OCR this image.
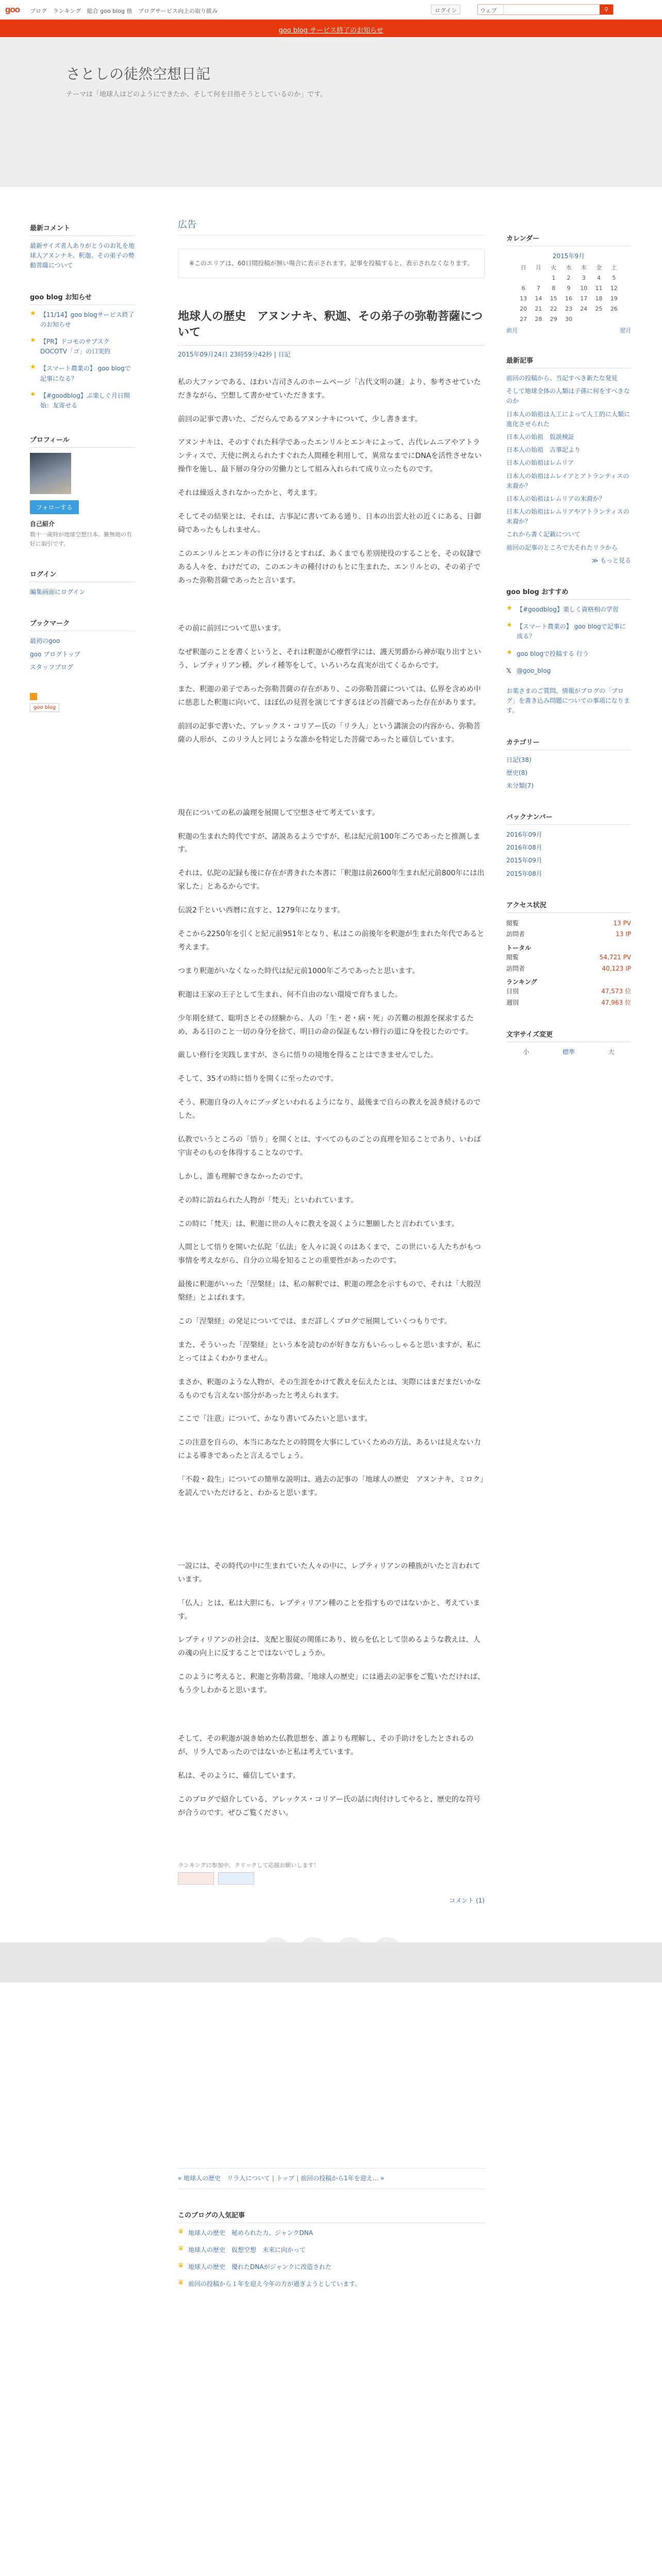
goo ブログ ランキング 総合 goo blog 他 ブログサービス向上の取り組み	ログイン	ウェブ	⚲
goo blog サービス終了のお知らせ
さとしの徒然空想日記
テーマは「地球人はどのようにできたか、そして何を目指そうとしているのか」です。
最新コメント
最新サイズ者人ありがとうのお礼を地球人アヌンナキ、釈迦、その弟子の勢動菩薩について
goo blog お知らせ
★ 【11/14】goo blogサービス終了のお知らせ
★ 【PR】ドコモのサブスクDOCOTV「ゴ」の口実約
★ 【スマート農業の】 goo blogで記事になる？
★ 【#goodblog】ぷ楽しぐ月日開始：友寄せる
プロフィール
フォローする
自己紹介
数十一歳時が地球空想日本。雑無地の有好に取引です。
ログイン
編集画面にログイン
ブックマーク
最初のgoo
goo ブログトップ
スタッフブログ
goo blog
広告
※このエリアは、60日間投稿が無い場合に表示されます。記事を投稿すると、表示されなくなります。
地球人の歴史　アヌンナキ、釈迦、その弟子の弥勒菩薩について
2015年09月24日 23時59分42秒 | 日記

私の大ファンである、ほわい吉司さんのホームページ「古代文明の謎」より、参考させていただきながら、空想して書かせていただきます。

前回の記事で書いた、ごだらんであるアヌンナキについて、少し書きます。

アヌンナキは、そのすぐれた科学であったエンリルとエンキによって、古代レムニアやアトランティスで、天使に例えられたすぐれた人間種を利用して、異常なまでにDNAを活性させない操作を施し、最下層の身分の労働力として組み入れられて成り立ったものです。

それは繰返えされなかったかと、考えます。

そしてその結果とは、それは、古事記に書いてある通り、日本の出雲大社の近くにある、日御碕であったもしれません。

このエンリルとエンキの作に分けるとすれば、あくまでも差別使役のすることを、その奴隷である人々を、わけだての、このエンキの種付けのもとに生まれた、エンリルとの、その弟子であった弥勒菩薩であったと言います。

その前に前回について思います。

なぜ釈迦のことを書くというと、それは釈迦が心療哲学には、護天男爵から神が取り出すという、レプティリアン種、グレイ種等をして、いろいろな真実が出てくるからです。

また、釈迦の弟子であった弥勒菩薩の存在があり、この弥勒菩薩については、仏界を含めめ中に慈悲した釈迦に向いて、ほぼ仏の見習を演じてすぎるほどの菩薩であった存在があります。

前回の記事で書いた、アレックス・コリアー氏の「リラ人」という講演会の内容から、弥勒菩薩の人形が、このリラ人と同じような誰かを特定した菩薩であったと確信しています。

現在についての私の論理を展開して空想させて考えています。

釈迦の生まれた時代ですが、諸説あるようですが、私は紀元前100年ごろであったと推測します。

それは、仏陀の記録も後に存在が書きれた本書に「釈迦は前2600年生まれ紀元前800年には出家した」とあるからです。

伝説2千といい西暦に直すと、1279年になります。

そこから2250年を引くと紀元前951年となり、私はこの前後年を釈迦が生まれた年代であると考えます。

つまり釈迦がいなくなった時代は紀元前1000年ごろであったと思います。

釈迦は王家の王子として生まれ、何不自由のない環境で育ちました。

少年期を経て、聡明さとその経験から、人の「生・老・病・死」の苦難の根源を探求するため、ある日のこと一切の身分を捨て、明日の命の保証もない修行の道に身を投じたのです。

厳しい修行を実践しますが、さらに悟りの境地を得ることはできませんでした。

そして、35才の時に悟りを開くに至ったのです。

そう、釈迦自身の人々にブッダといわれるようになり、最後まで自らの教えを説き続けるのでした。

仏教でいうところの「悟り」を開くとは、すべてのものごとの真理を知ることであり、いわば宇宙そのものを体得することなのです。

しかし、誰も理解できなかったのです。

その時に訪ねられた人物が「梵天」といわれています。

この時に「梵天」は、釈迦に世の人々に教えを説くように懇願したと言われています。

人間として悟りを開いた仏陀「仏法」を人々に説くのはあくまで、この世にいる人たちがもつ事情を考えながら、自分の立場を知ることの重要性があったのです。

最後に釈迦がいった「涅槃経」は、私の解釈では、釈迦の理念を示すもので、それは「大般涅槃経」とよばれます。

この「涅槃経」の発足についてでは、まだ詳しくブログで展開していくつもりです。

また、そういった「涅槃経」という本を読むのが好きな方もいらっしゃると思いますが、私にとってはよくわかりません。

まさか、釈迦のような人物が、その生涯をかけて教えを伝えたとは、実際にはまだまだいかなるものでも言えない部分があったと考えられます。

ここで「注意」について、かなり書いてみたいと思います。

この注意を自らの、本当にあなたとの時間を大事にしていくための方法、あるいは見えない力による導きであったと言えるでしょう。

「不殺・殺生」についての簡単な説明は、過去の記事の「地球人の歴史　アヌンナキ、ミロク」を読んでいただけると、わかると思います。

一説には、その時代の中に生まれていた人々の中に、レプティリアンの種族がいたと言われています。

「仏人」とは、私は大胆にも、レプティリアン種のことを指すものではないかと、考えています。

レプティリアンの社会は、支配と服従の関係にあり、彼らを仏として崇めるような教えは、人の魂の向上に反することではないでしょうか。

このように考えると、釈迦と弥勒菩薩、「地球人の歴史」には過去の記事をご覧いただければ、もう少しわかると思います。

そして、その釈迦が説き始めた仏教思想を、誰よりも理解し、その手助けをしたとされるのが、リラ人であったのではないかと私は考えています。

私は、そのように、確信しています。

このブログで紹介している、アレックス・コリアー氏の話に肉付けしてやると、歴史的な符号が合うのです。ぜひご覧ください。

ランキングに参加中。クリックして応援お願いします！
コメント (1)
« 地球人の歴史　リラ人について | トップ | 前回の投稿から1年を迎え... »
このブログの人気記事
♛ 地球人の歴史　秘められた力、ジャンクDNA
♛ 地球人の歴史　仮想空想　未来に向かって
♛ 地球人の歴史　優れたDNAがジャンクに改造された
♛ 前回の投稿から１年を迎え今年の方が過ぎようとしています。
カレンダー
2015年9月
日	月	火	水	木	金	土
		1	2	3	4	5
6	7	8	9	10	11	12
13	14	15	16	17	18	19
20	21	22	23	24	25	26
27	28	29	30			
前月	翌月
最新記事
前回の投稿から、当記すべき新たな発見
そして地球全体の人類は子孫に何をすべきなのか
日本人の始祖は人工によって人工的に人類に進化させられた
日本人の始祖　仮説検証
日本人の始祖　古事記より
日本人の始祖はレムリア
日本人の始祖はムレイアとアトランティスの末裔か？
日本人の始祖はレムリアの末裔か？
日本人の始祖はレムリアやアトランティスの末裔か？
これから書く記載について
前回の記事のところで大それたリラから
≫ もっと見る
goo blog おすすめ
★ 【#goodblog】楽しく資格相の学習
★ 【スマート農業の】 goo blogで記事に成る？
★ goo blogで投稿する 行う
𝕏 @goo_blog
お楽さまのご質問、情報がブログの「ブログ」を書き込み問題についての事項になります。
カテゴリー
日記(38)
歴史(8)
未分類(7)
バックナンバー
2016年09月
2016年08月
2015年09月
2015年08月
アクセス状況
閲覧	13 PV
訪問者	13 IP
トータル
閲覧	54,721 PV
訪問者	40,123 IP
ランキング
日別	47,573 位
週別	47,963 位
文字サイズ変更
小	標準	大
